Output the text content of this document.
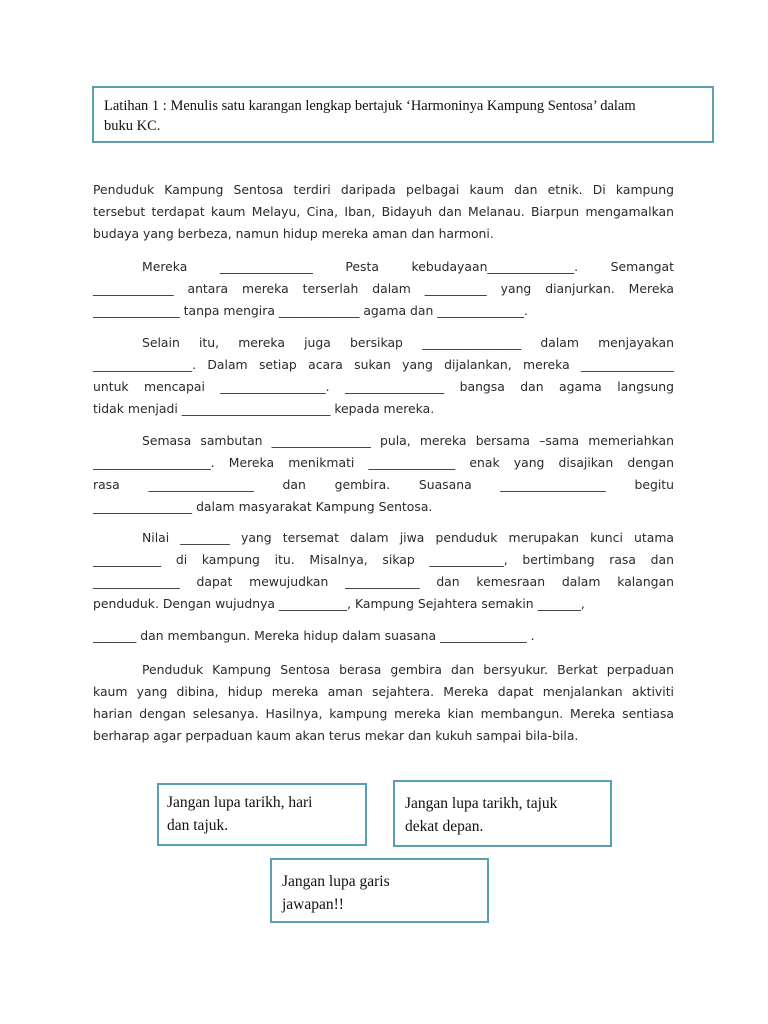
Latihan 1 : Menulis satu karangan lengkap bertajuk ‘Harmoninya Kampung Sentosa’ dalam
buku KC.
Penduduk Kampung Sentosa terdiri daripada pelbagai kaum dan etnik. Di kampung
tersebut terdapat kaum Melayu, Cina, Iban, Bidayuh dan Melanau. Biarpun mengamalkan
budaya yang berbeza, namun hidup mereka aman dan harmoni.
Mereka _______________ Pesta kebudayaan______________. Semangat
_____________ antara mereka terserlah dalam __________ yang dianjurkan. Mereka
______________ tanpa mengira _____________ agama dan ______________.
Selain itu, mereka juga bersikap ________________ dalam menjayakan
________________. Dalam setiap acara sukan yang dijalankan, mereka _______________
untuk mencapai _________________. ________________ bangsa dan agama langsung
tidak menjadi ________________________ kepada mereka.
Semasa sambutan ________________ pula, mereka bersama –sama memeriahkan
___________________. Mereka menikmati ______________ enak yang disajikan dengan
rasa _________________ dan gembira. Suasana _________________ begitu
________________ dalam masyarakat Kampung Sentosa.
Nilai ________ yang tersemat dalam jiwa penduduk merupakan kunci utama
___________ di kampung itu. Misalnya, sikap ____________, bertimbang rasa dan
______________ dapat mewujudkan ____________ dan kemesraan dalam kalangan
penduduk. Dengan wujudnya ___________, Kampung Sejahtera semakin _______,
_______ dan membangun. Mereka hidup dalam suasana ______________ .
Penduduk Kampung Sentosa berasa gembira dan bersyukur. Berkat perpaduan
kaum yang dibina, hidup mereka aman sejahtera. Mereka dapat menjalankan aktiviti
harian dengan selesanya. Hasilnya, kampung mereka kian membangun. Mereka sentiasa
berharap agar perpaduan kaum akan terus mekar dan kukuh sampai bila-bila.
Jangan lupa tarikh, hari
dan tajuk.
Jangan lupa tarikh, tajuk
dekat depan.
Jangan lupa garis
jawapan!!
